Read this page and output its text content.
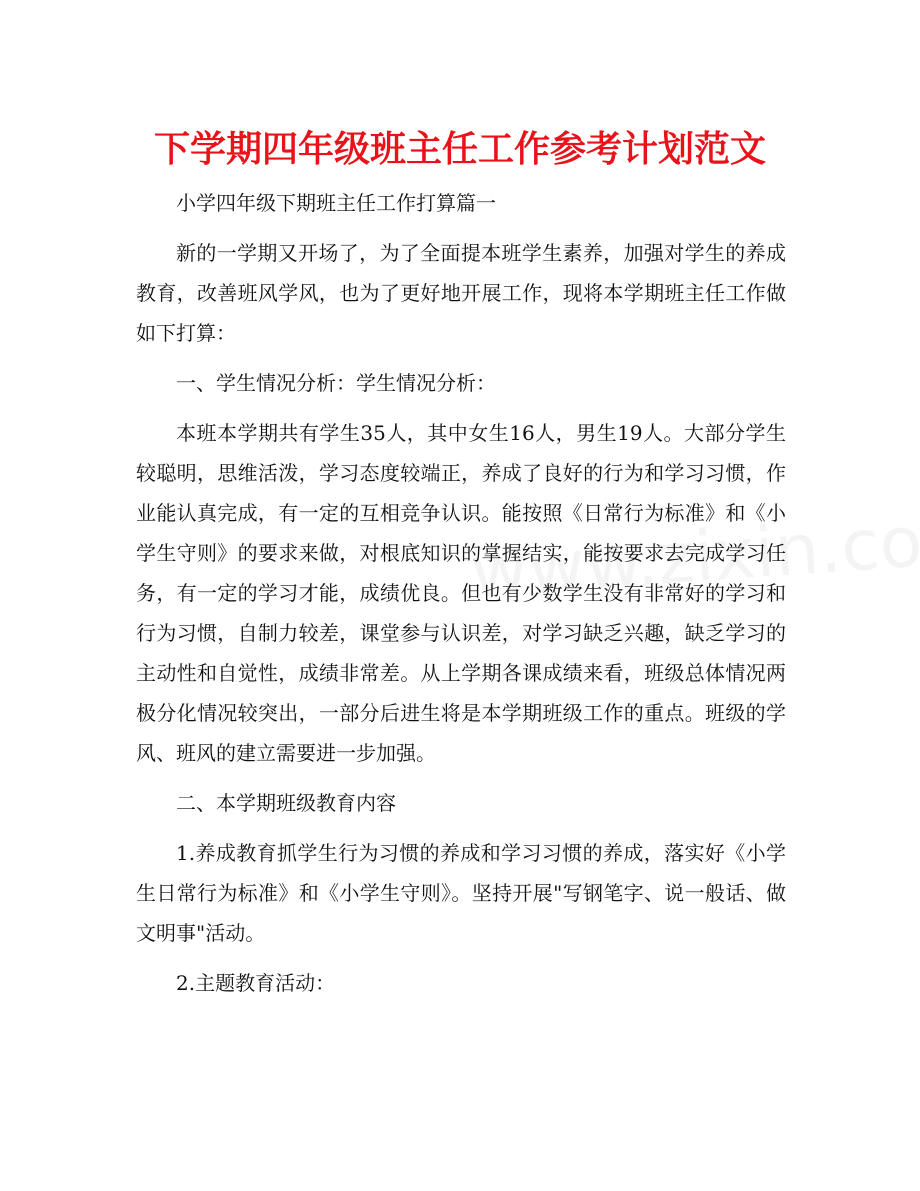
下学期四年级班主任工作参考计划范文

小学四年级下期班主任工作打算篇一

新的一学期又开场了，为了全面提本班学生素养，加强对学生的养成教育，改善班风学风，也为了更好地开展工作，现将本学期班主任工作做如下打算：

一、学生情况分析：学生情况分析：

本班本学期共有学生35人，其中女生16人，男生19人。大部分学生较聪明，思维活泼，学习态度较端正，养成了良好的行为和学习习惯，作业能认真完成，有一定的互相竞争认识。能按照《日常行为标准》和《小学生守则》的要求来做，对根底知识的掌握结实，能按要求去完成学习任务，有一定的学习才能，成绩优良。但也有少数学生没有非常好的学习和行为习惯，自制力较差，课堂参与认识差，对学习缺乏兴趣，缺乏学习的主动性和自觉性，成绩非常差。从上学期各课成绩来看，班级总体情况两极分化情况较突出，一部分后进生将是本学期班级工作的重点。班级的学风、班风的建立需要进一步加强。

二、本学期班级教育内容

1.养成教育抓学生行为习惯的养成和学习习惯的养成，落实好《小学生日常行为标准》和《小学生守则》。坚持开展"写钢笔字、说一般话、做文明事"活动。

2.主题教育活动：
